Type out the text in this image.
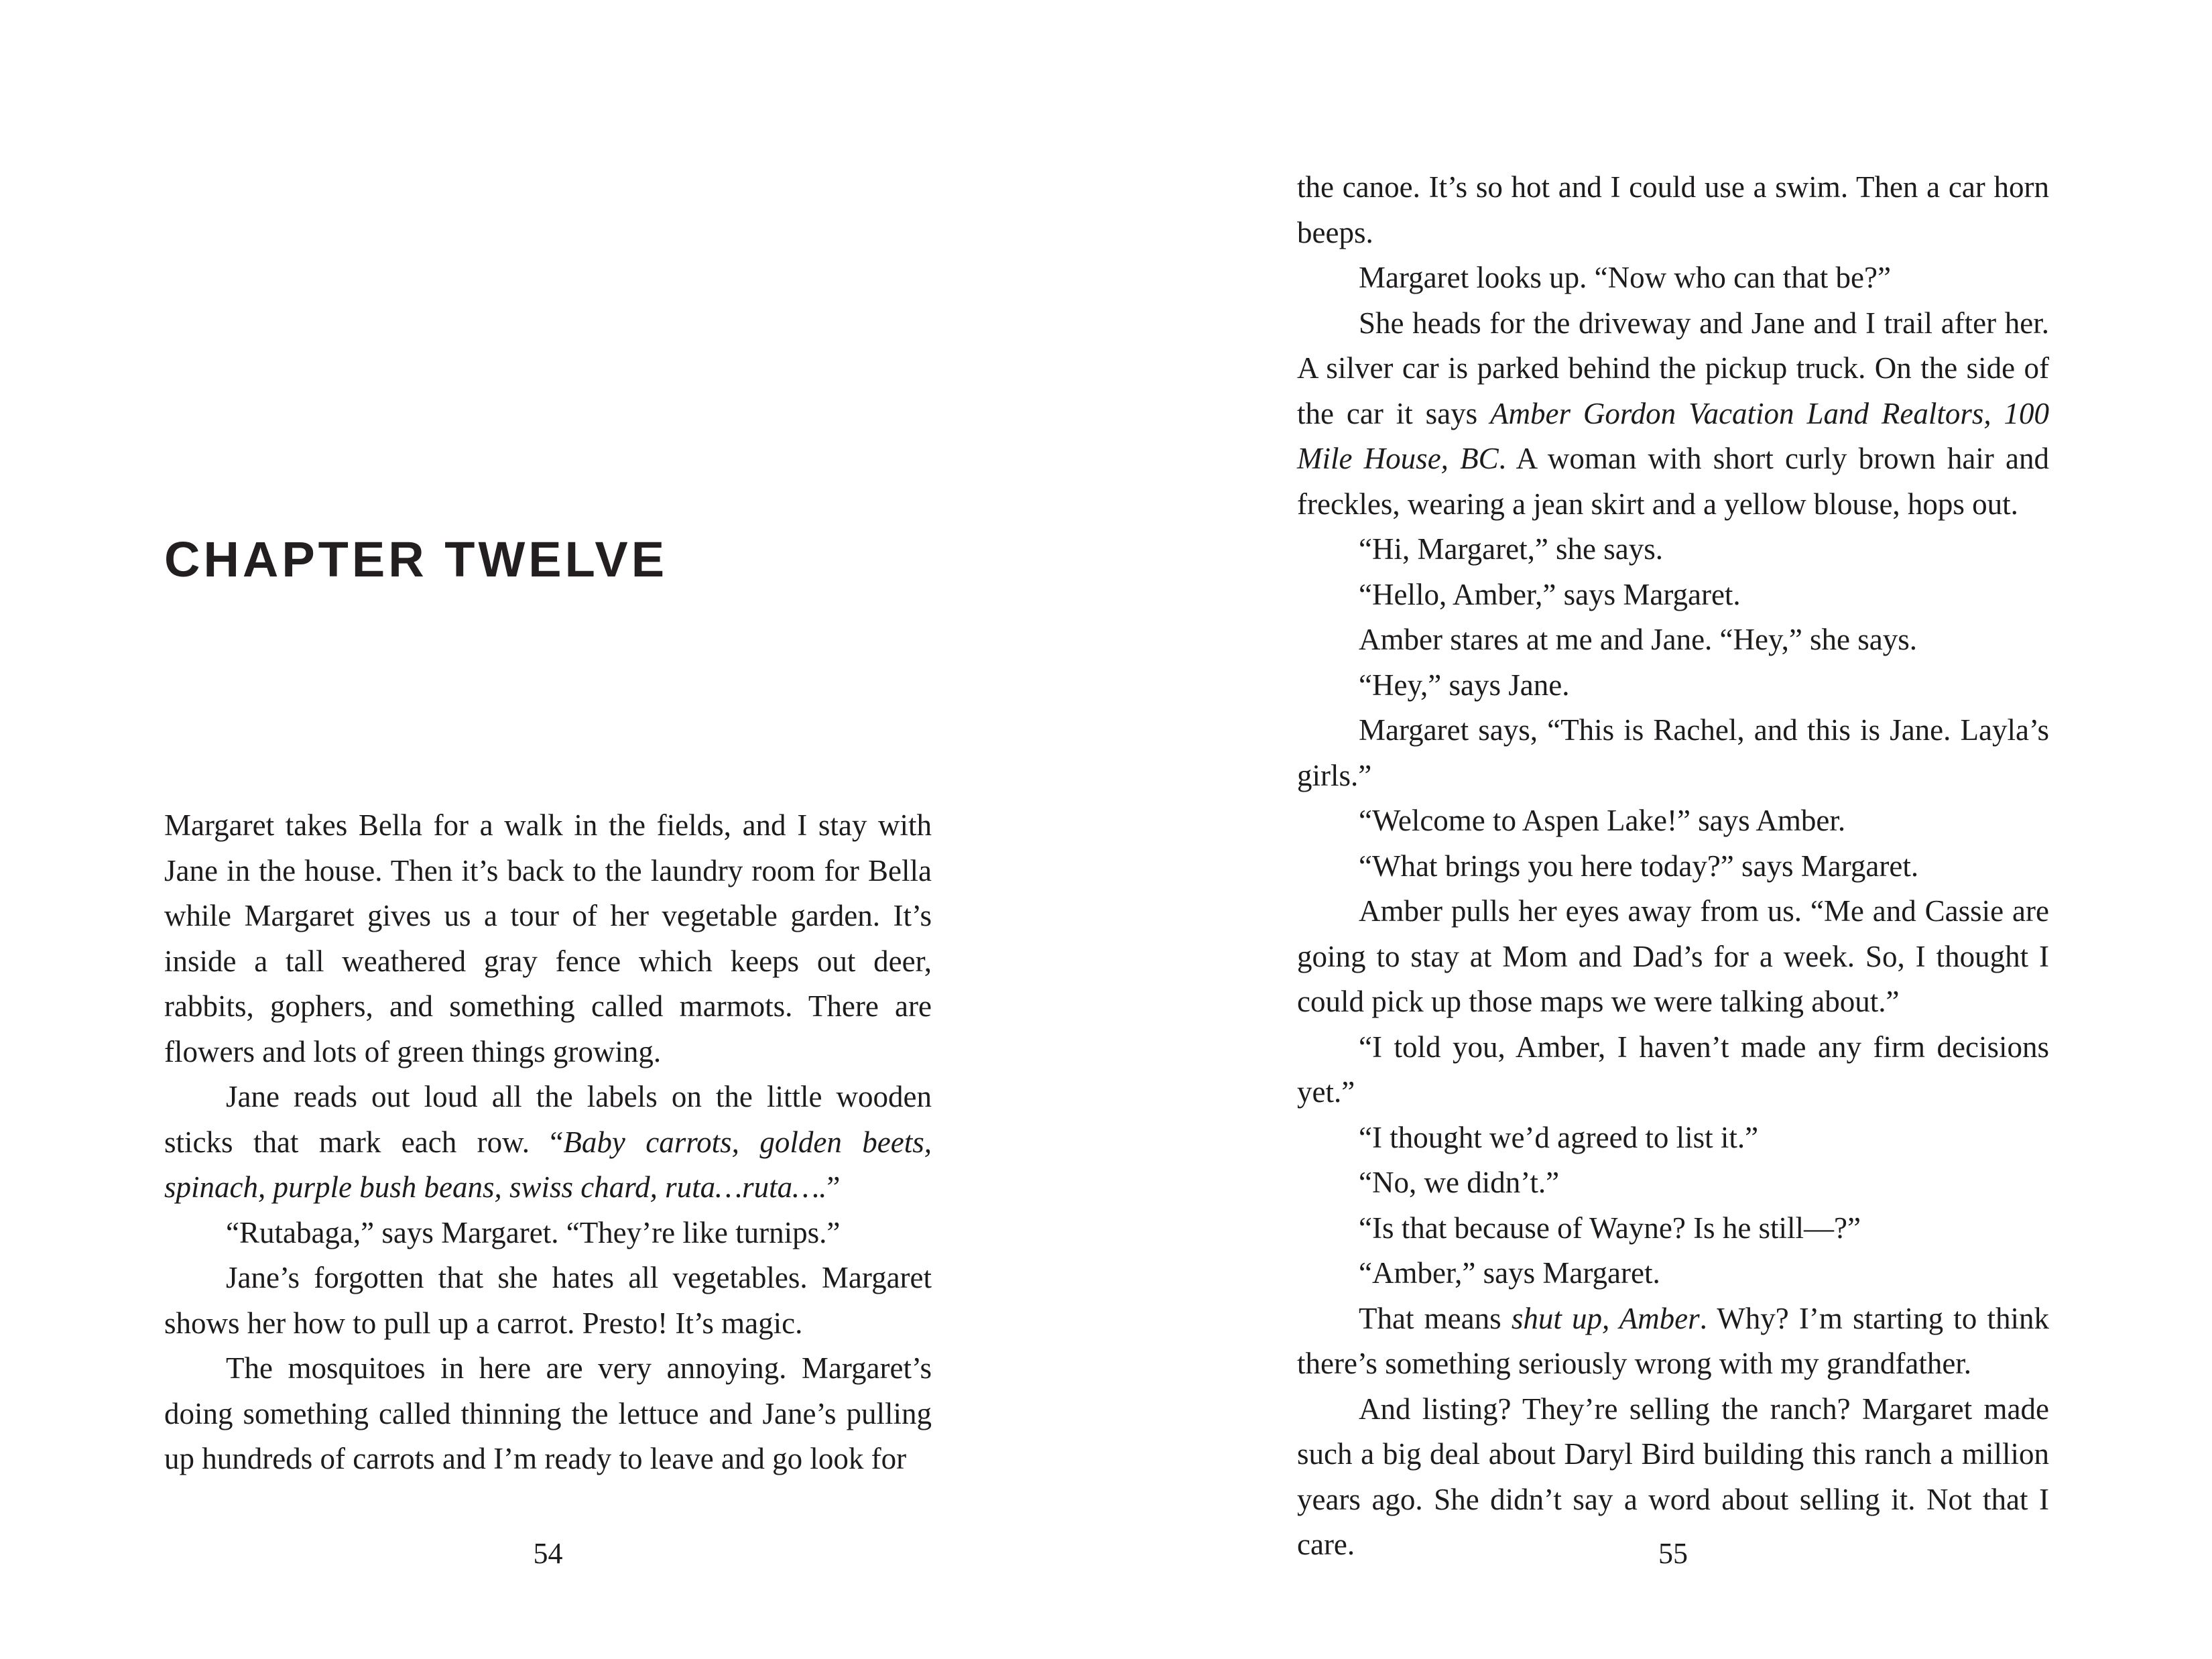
CHAPTER TWELVE

Margaret takes Bella for a walk in the fields, and I stay with Jane in the house. Then it’s back to the laundry room for Bella while Margaret gives us a tour of her vegetable garden. It’s inside a tall weathered gray fence which keeps out deer, rabbits, gophers, and something called marmots. There are flowers and lots of green things growing.

Jane reads out loud all the labels on the little wooden sticks that mark each row. “Baby carrots, golden beets, spinach, purple bush beans, swiss chard, ruta…ruta….”

“Rutabaga,” says Margaret. “They’re like turnips.”

Jane’s forgotten that she hates all vegetables. Margaret shows her how to pull up a carrot. Presto! It’s magic.

The mosquitoes in here are very annoying. Margaret’s doing something called thinning the lettuce and Jane’s pulling up hundreds of carrots and I’m ready to leave and go look for

54

the canoe. It’s so hot and I could use a swim. Then a car horn beeps.

Margaret looks up. “Now who can that be?”

She heads for the driveway and Jane and I trail after her. A silver car is parked behind the pickup truck. On the side of the car it says Amber Gordon Vacation Land Realtors, 100 Mile House, BC. A woman with short curly brown hair and freckles, wearing a jean skirt and a yellow blouse, hops out.

“Hi, Margaret,” she says.

“Hello, Amber,” says Margaret.

Amber stares at me and Jane. “Hey,” she says.

“Hey,” says Jane.

Margaret says, “This is Rachel, and this is Jane. Layla’s girls.”

“Welcome to Aspen Lake!” says Amber.

“What brings you here today?” says Margaret.

Amber pulls her eyes away from us. “Me and Cassie are going to stay at Mom and Dad’s for a week. So, I thought I could pick up those maps we were talking about.”

“I told you, Amber, I haven’t made any firm decisions yet.”

“I thought we’d agreed to list it.”

“No, we didn’t.”

“Is that because of Wayne? Is he still—?”

“Amber,” says Margaret.

That means shut up, Amber. Why? I’m starting to think there’s something seriously wrong with my grandfather.

And listing? They’re selling the ranch? Margaret made such a big deal about Daryl Bird building this ranch a million years ago. She didn’t say a word about selling it. Not that I care.	55
